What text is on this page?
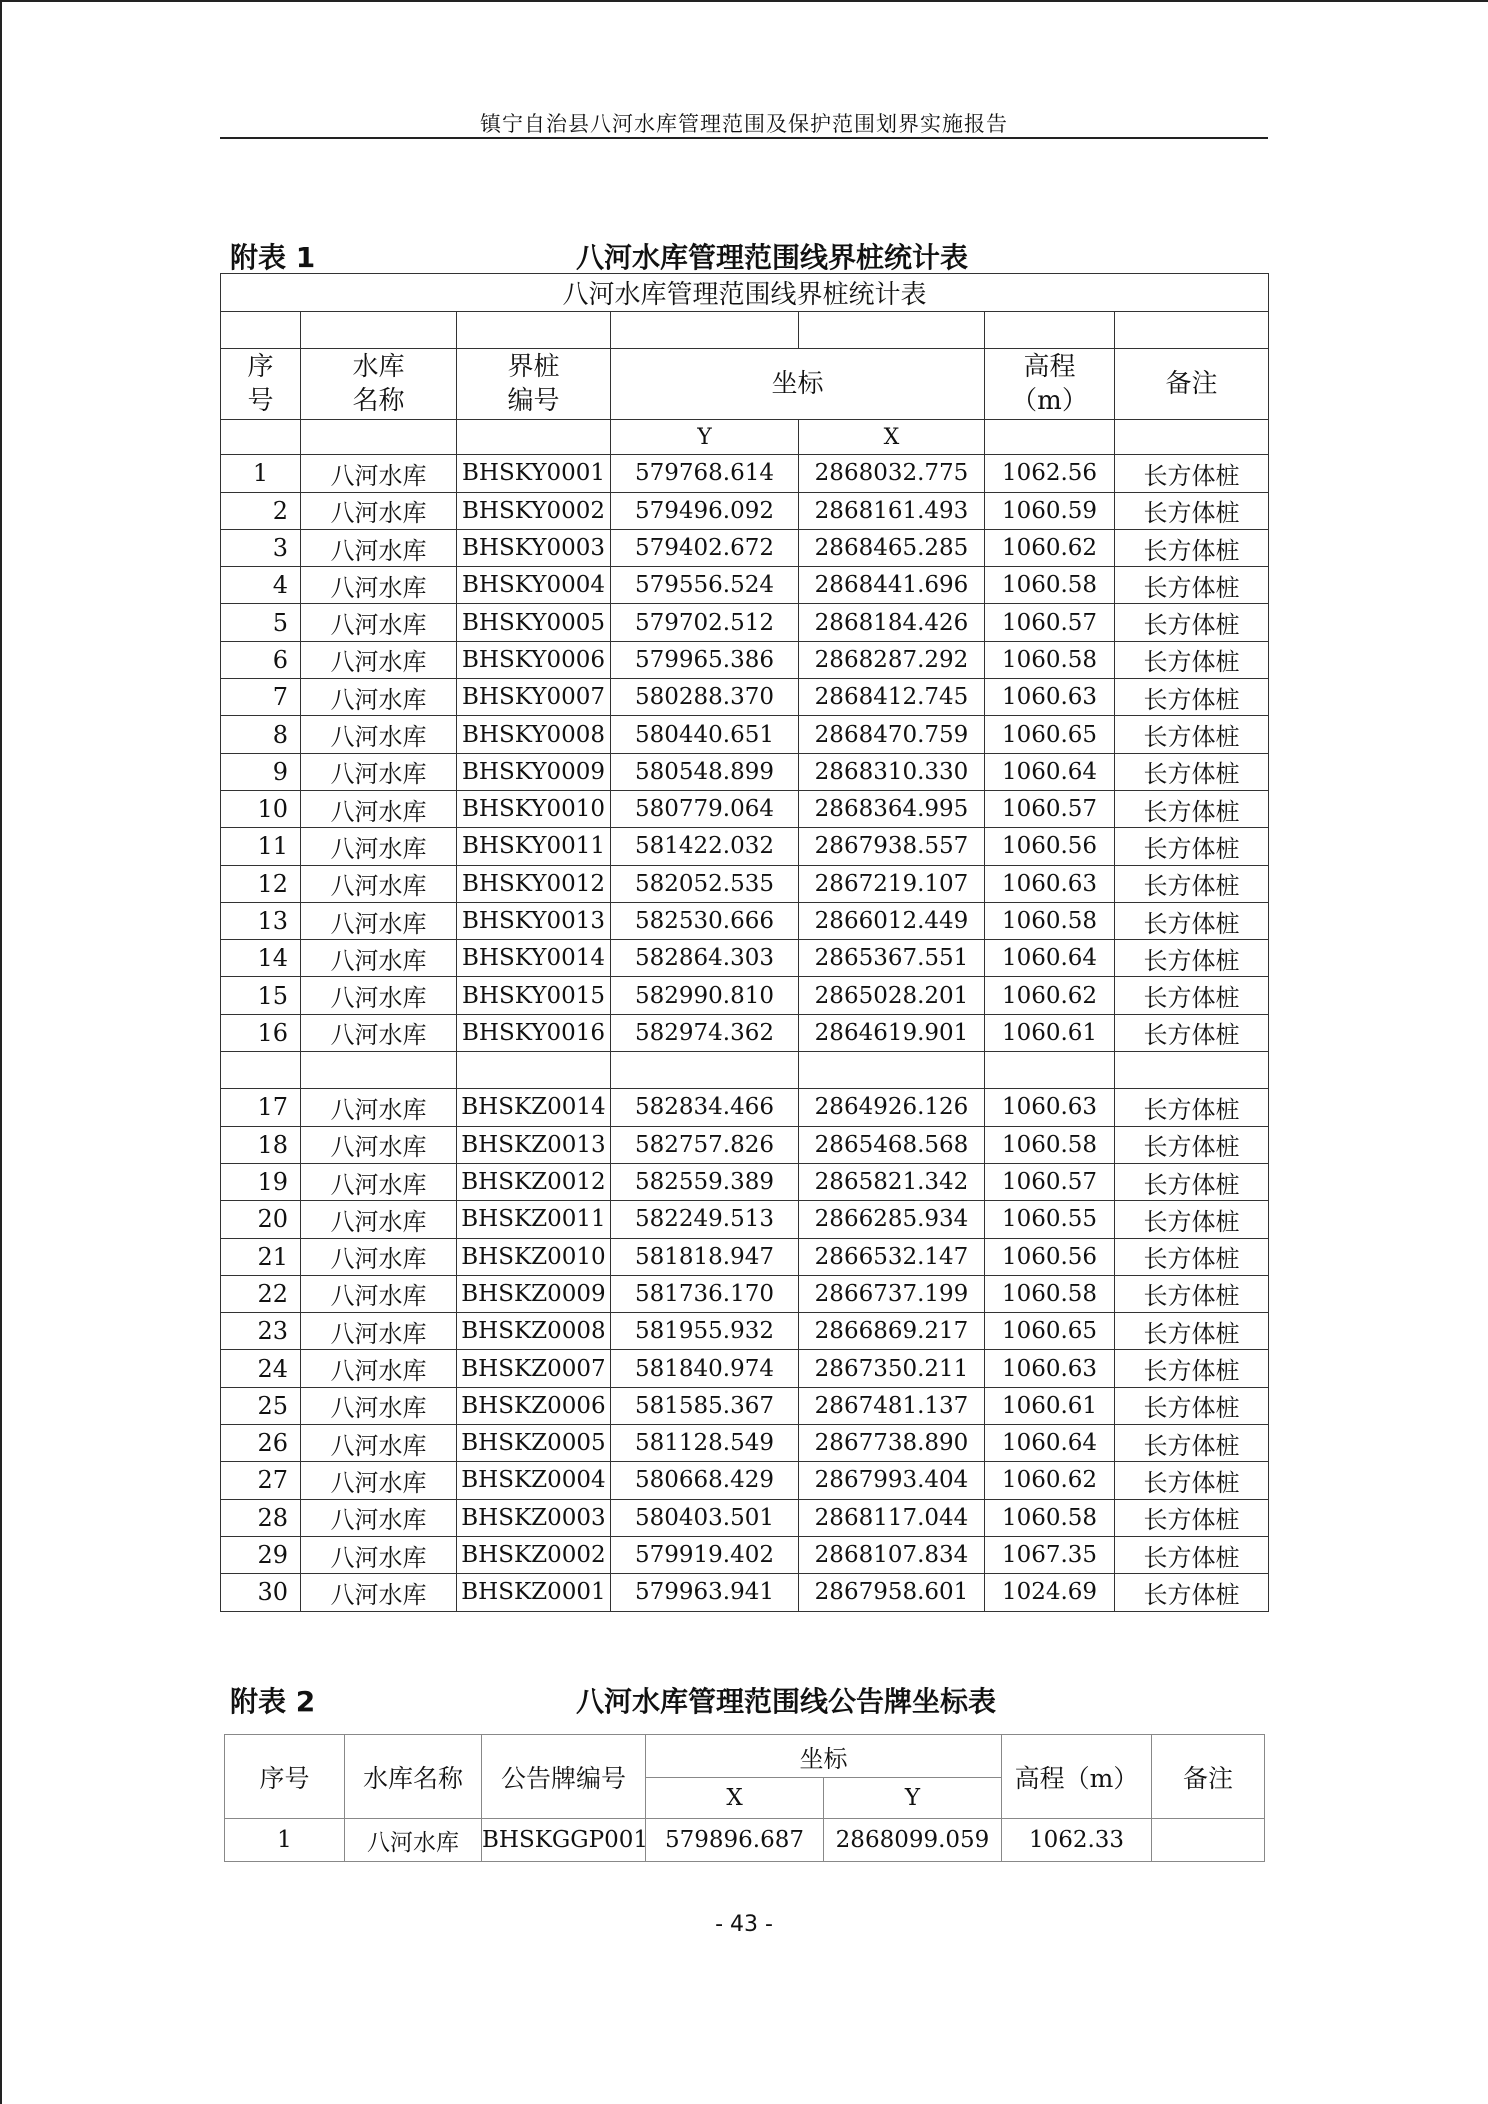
镇宁自治县八河水库管理范围及保护范围划界实施报告
附表 1	八河水库管理范围线界桩统计表
八河水库管理范围线界桩统计表						

序号	水库名称	界桩编号	坐标		高程（m）	备注
			Y	X		
1	八河水库	BHSKY0001	579768.614	2868032.775	1062.56	长方体桩
2	八河水库	BHSKY0002	579496.092	2868161.493	1060.59	长方体桩
3	八河水库	BHSKY0003	579402.672	2868465.285	1060.62	长方体桩
4	八河水库	BHSKY0004	579556.524	2868441.696	1060.58	长方体桩
5	八河水库	BHSKY0005	579702.512	2868184.426	1060.57	长方体桩
6	八河水库	BHSKY0006	579965.386	2868287.292	1060.58	长方体桩
7	八河水库	BHSKY0007	580288.370	2868412.745	1060.63	长方体桩
8	八河水库	BHSKY0008	580440.651	2868470.759	1060.65	长方体桩
9	八河水库	BHSKY0009	580548.899	2868310.330	1060.64	长方体桩
10	八河水库	BHSKY0010	580779.064	2868364.995	1060.57	长方体桩
11	八河水库	BHSKY0011	581422.032	2867938.557	1060.56	长方体桩
12	八河水库	BHSKY0012	582052.535	2867219.107	1060.63	长方体桩
13	八河水库	BHSKY0013	582530.666	2866012.449	1060.58	长方体桩
14	八河水库	BHSKY0014	582864.303	2865367.551	1060.64	长方体桩
15	八河水库	BHSKY0015	582990.810	2865028.201	1060.62	长方体桩
16	八河水库	BHSKY0016	582974.362	2864619.901	1060.61	长方体桩

17	八河水库	BHSKZ0014	582834.466	2864926.126	1060.63	长方体桩
18	八河水库	BHSKZ0013	582757.826	2865468.568	1060.58	长方体桩
19	八河水库	BHSKZ0012	582559.389	2865821.342	1060.57	长方体桩
20	八河水库	BHSKZ0011	582249.513	2866285.934	1060.55	长方体桩
21	八河水库	BHSKZ0010	581818.947	2866532.147	1060.56	长方体桩
22	八河水库	BHSKZ0009	581736.170	2866737.199	1060.58	长方体桩
23	八河水库	BHSKZ0008	581955.932	2866869.217	1060.65	长方体桩
24	八河水库	BHSKZ0007	581840.974	2867350.211	1060.63	长方体桩
25	八河水库	BHSKZ0006	581585.367	2867481.137	1060.61	长方体桩
26	八河水库	BHSKZ0005	581128.549	2867738.890	1060.64	长方体桩
27	八河水库	BHSKZ0004	580668.429	2867993.404	1060.62	长方体桩
28	八河水库	BHSKZ0003	580403.501	2868117.044	1060.58	长方体桩
29	八河水库	BHSKZ0002	579919.402	2868107.834	1067.35	长方体桩
30	八河水库	BHSKZ0001	579963.941	2867958.601	1024.69	长方体桩
附表 2	八河水库管理范围线公告牌坐标表
序号	水库名称	公告牌编号	坐标		高程（m）	备注
			X	Y		
1	八河水库	BHSKGGP001	579896.687	2868099.059	1062.33	
- 43 -
